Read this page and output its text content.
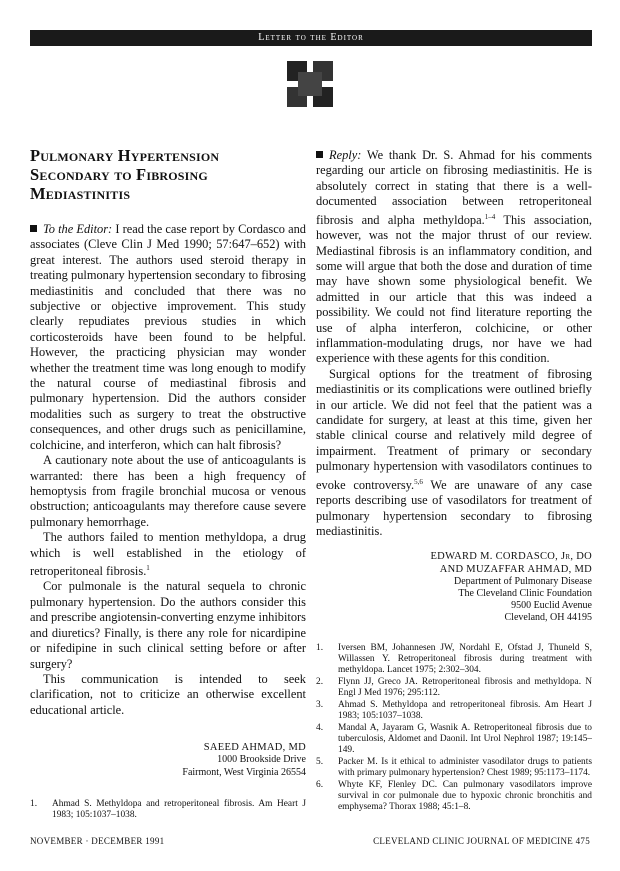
Letter to the Editor
Pulmonary Hypertension
Secondary to Fibrosing
Mediastinitis

To the Editor: I read the case report by Cordasco and associates (Cleve Clin J Med 1990; 57:647–652) with great interest. The authors used steroid therapy in treating pulmonary hypertension secondary to fibrosing mediastinitis and concluded that there was no subjective or objective improvement. This study clearly repudiates previous studies in which corticosteroids have been found to be helpful. However, the practicing physician may wonder whether the treatment time was long enough to modify the natural course of mediastinal fibrosis and pulmonary hypertension. Did the authors consider modalities such as surgery to treat the obstructive consequences, and other drugs such as penicillamine, colchicine, and interferon, which can halt fibrosis?

A cautionary note about the use of anticoagulants is warranted: there has been a high frequency of hemoptysis from fragile bronchial mucosa or venous obstruction; anticoagulants may therefore cause severe pulmonary hemorrhage.

The authors failed to mention methyldopa, a drug which is well established in the etiology of retroperitoneal fibrosis.$^1$

Cor pulmonale is the natural sequela to chronic pulmonary hypertension. Do the authors consider this and prescribe angiotensin-converting enzyme inhibitors and diuretics? Finally, is there any role for nicardipine or nifedipine in such clinical setting before or after surgery?

This communication is intended to seek clarification, not to criticize an otherwise excellent educational article.

SAEED AHMAD, MD
1000 Brookside Drive
Fairmont, West Virginia 26554
1.	Ahmad S. Methyldopa and retroperitoneal fibrosis. Am Heart J 1983; 105:1037–1038.

Reply: We thank Dr. S. Ahmad for his comments regarding our article on fibrosing mediastinitis. He is absolutely correct in stating that there is a well-documented association between retroperitoneal fibrosis and alpha methyldopa.$^{1-4}$ This association, however, was not the major thrust of our review. Mediastinal fibrosis is an inflammatory condition, and some will argue that both the dose and duration of time may have shown some physiological benefit. We admitted in our article that this was indeed a possibility. We could not find literature reporting the use of alpha interferon, colchicine, or other inflammation-modulating drugs, nor have we had experience with these agents for this condition.

Surgical options for the treatment of fibrosing mediastinitis or its complications were outlined briefly in our article. We did not feel that the patient was a candidate for surgery, at least at this time, given her stable clinical course and relatively mild degree of impairment. Treatment of primary or secondary pulmonary hypertension with vasodilators continues to evoke controversy.$^{5,6}$ We are unaware of any case reports describing use of vasodilators for treatment of pulmonary hypertension secondary to fibrosing mediastinitis.

EDWARD M. CORDASCO, Jr, DO
AND MUZAFFAR AHMAD, MD
Department of Pulmonary Disease
The Cleveland Clinic Foundation
9500 Euclid Avenue
Cleveland, OH 44195
1.	Iversen BM, Johannesen JW, Nordahl E, Ofstad J, Thuneld S, Willassen Y. Retroperitoneal fibrosis during treatment with methyldopa. Lancet 1975; 2:302–304.
2.	Flynn JJ, Greco JA. Retroperitoneal fibrosis and methyldopa. N Engl J Med 1976; 295:112.
3.	Ahmad S. Methyldopa and retroperitoneal fibrosis. Am Heart J 1983; 105:1037–1038.
4.	Mandal A, Jayaram G, Wasnik A. Retroperitoneal fibrosis due to tuberculosis, Aldomet and Daonil. Int Urol Nephrol 1987; 19:145–149.
5.	Packer M. Is it ethical to administer vasodilator drugs to patients with primary pulmonary hypertension? Chest 1989; 95:1173–1174.
6.	Whyte KF, Flenley DC. Can pulmonary vasodilators improve survival in cor pulmonale due to hypoxic chronic bronchitis and emphysema? Thorax 1988; 45:1–8.
NOVEMBER · DECEMBER 1991	CLEVELAND CLINIC JOURNAL OF MEDICINE 475
